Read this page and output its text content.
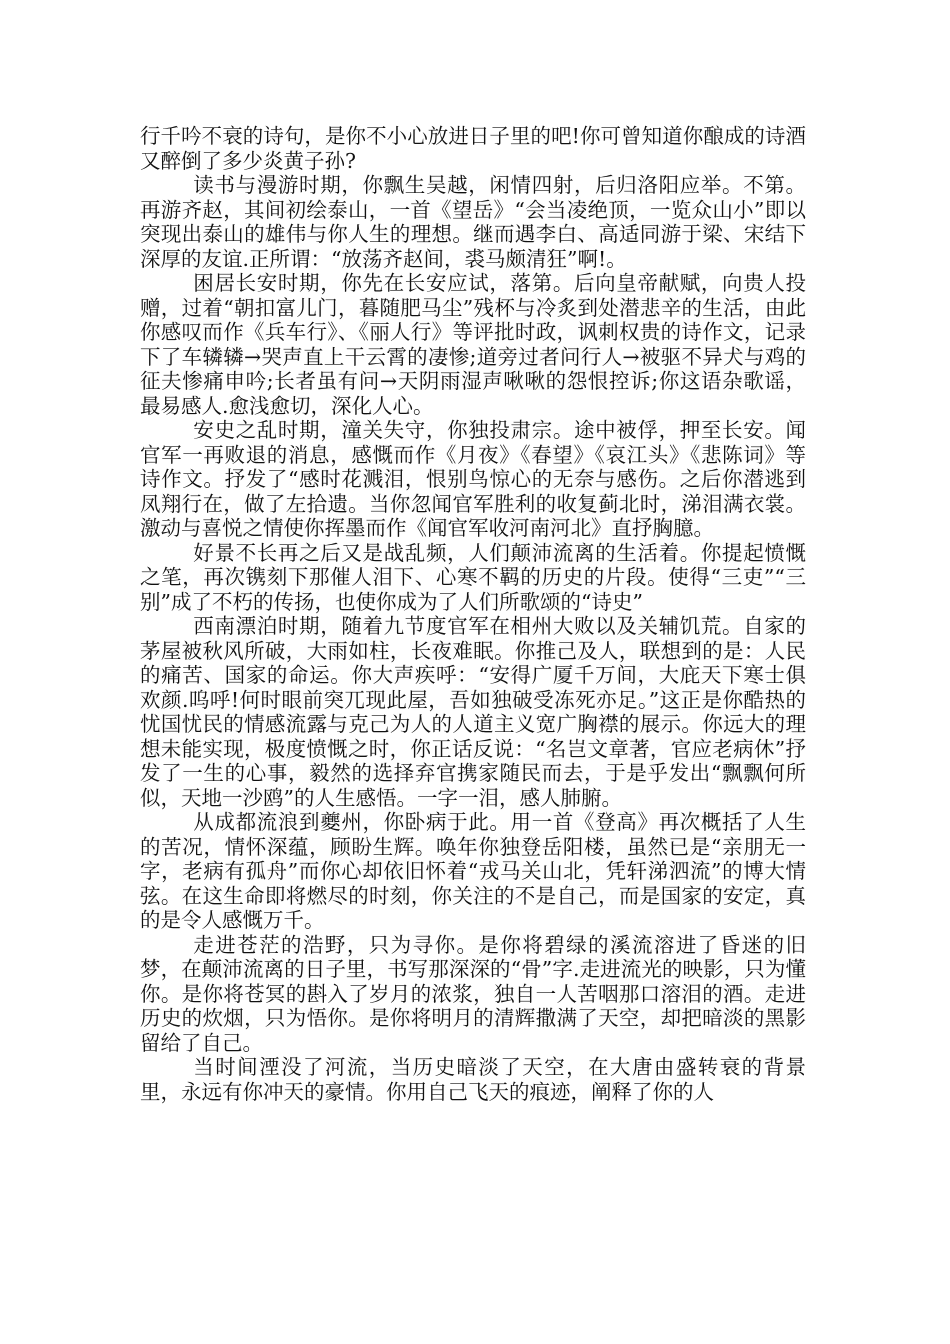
行千吟不衰的诗句，是你不小心放进日子里的吧!你可曾知道你酿成的诗酒又醉倒了多少炎黄子孙?

读书与漫游时期，你飘生吴越，闲情四射，后归洛阳应举。不第。再游齐赵，其间初绘泰山，一首《望岳》“会当凌绝顶，一览众山小”即以突现出泰山的雄伟与你人生的理想。继而遇李白、高适同游于梁、宋结下深厚的友谊.正所谓：“放荡齐赵间，裘马颇清狂”啊!。

困居长安时期，你先在长安应试，落第。后向皇帝献赋，向贵人投赠，过着“朝扣富儿门，暮随肥马尘”残杯与冷炙到处潜悲辛的生活，由此你感叹而作《兵车行》、《丽人行》等评批时政，讽刺权贵的诗作文，记录下了车辚辚→哭声直上干云霄的凄惨;道旁过者问行人→被驱不异犬与鸡的征夫惨痛申吟;长者虽有问→天阴雨湿声啾啾的怨恨控诉;你这语杂歌谣，最易感人.愈浅愈切，深化人心。

安史之乱时期，潼关失守，你独投肃宗。途中被俘，押至长安。闻官军一再败退的消息，感慨而作《月夜》《春望》《哀江头》《悲陈词》等诗作文。抒发了“感时花溅泪，恨别鸟惊心的无奈与感伤。之后你潜逃到凤翔行在，做了左拾遗。当你忽闻官军胜利的收复蓟北时，涕泪满衣裳。激动与喜悦之情使你挥墨而作《闻官军收河南河北》直抒胸臆。

好景不长再之后又是战乱频，人们颠沛流离的生活着。你提起愤慨之笔，再次镌刻下那催人泪下、心寒不羁的历史的片段。使得“三吏”“三别”成了不朽的传扬，也使你成为了人们所歌颂的“诗史”

西南漂泊时期，随着九节度官军在相州大败以及关辅饥荒。自家的茅屋被秋风所破，大雨如柱，长夜难眠。你推己及人，联想到的是：人民的痛苦、国家的命运。你大声疾呼：“安得广厦千万间，大庇天下寒士俱欢颜.呜呼!何时眼前突兀现此屋，吾如独破受冻死亦足。”这正是你酷热的忧国忧民的情感流露与克己为人的人道主义宽广胸襟的展示。你远大的理想未能实现，极度愤慨之时，你正话反说：“名岂文章著，官应老病休”抒发了一生的心事，毅然的选择弃官携家随民而去，于是乎发出“飘飘何所似，天地一沙鸥”的人生感悟。一字一泪，感人肺腑。

从成都流浪到夔州，你卧病于此。用一首《登高》再次概括了人生的苦况，情怀深蕴，顾盼生辉。唤年你独登岳阳楼，虽然已是“亲朋无一字，老病有孤舟”而你心却依旧怀着“戎马关山北，凭轩涕泗流”的博大情弦。在这生命即将燃尽的时刻，你关注的不是自己，而是国家的安定，真的是令人感慨万千。

走进苍茫的浩野，只为寻你。是你将碧绿的溪流溶进了昏迷的旧梦，在颠沛流离的日子里，书写那深深的“骨”字.走进流光的映影，只为懂你。是你将苍冥的斟入了岁月的浓浆，独自一人苦咽那口溶泪的酒。走进历史的炊烟，只为悟你。是你将明月的清辉撒满了天空，却把暗淡的黑影留给了自己。

当时间湮没了河流，当历史暗淡了天空，在大唐由盛转衰的背景里，永远有你冲天的豪情。你用自己飞天的痕迹，阐释了你的人
